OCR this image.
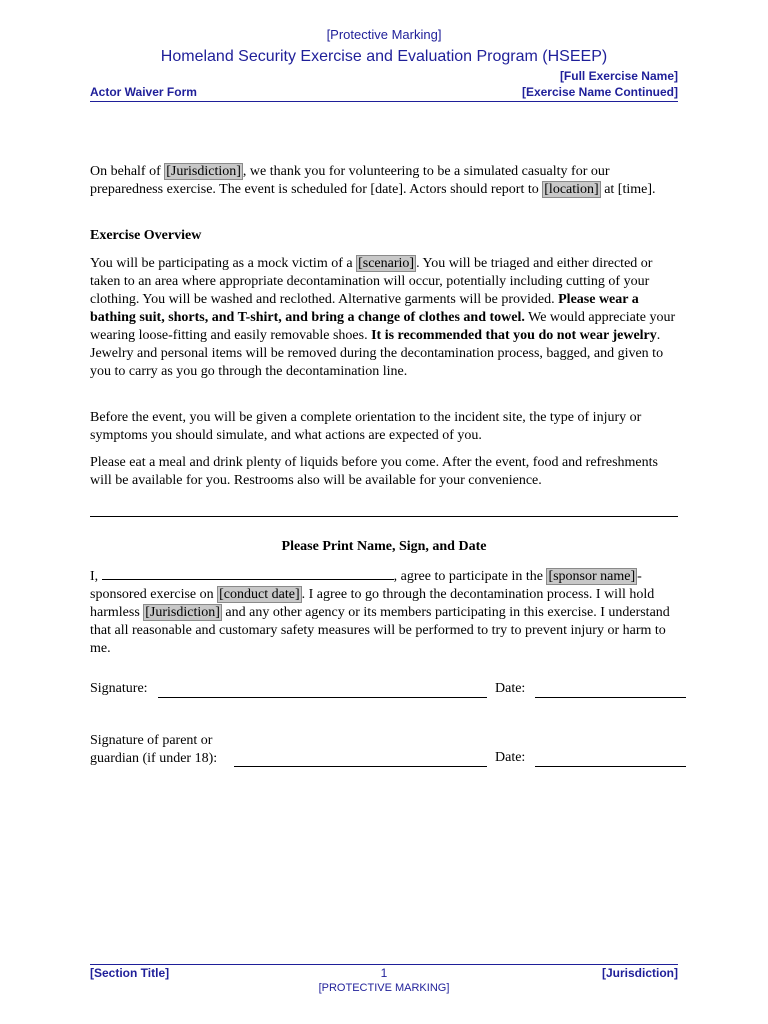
[Protective Marking]
Homeland Security Exercise and Evaluation Program (HSEEP)
[Full Exercise Name]
Actor Waiver Form	[Exercise Name Continued]

On behalf of [Jurisdiction] , we thank you for volunteering to be a simulated casualty for our preparedness exercise. The event is scheduled for [date]. Actors should report to [location] at [time].

Exercise Overview

You will be participating as a mock victim of a [scenario] . You will be triaged and either directed or taken to an area where appropriate decontamination will occur, potentially including cutting of your clothing. You will be washed and reclothed. Alternative garments will be provided. Please wear a bathing suit, shorts, and T-shirt, and bring a change of clothes and towel. We would appreciate your wearing loose-fitting and easily removable shoes. It is recommended that you do not wear jewelry. Jewelry and personal items will be removed during the decontamination process, bagged, and given to you to carry as you go through the decontamination line.

Before the event, you will be given a complete orientation to the incident site, the type of injury or symptoms you should simulate, and what actions are expected of you.

Please eat a meal and drink plenty of liquids before you come. After the event, food and refreshments will be available for you. Restrooms also will be available for your convenience.

Please Print Name, Sign, and Date

I,	, agree to participate in the [sponsor name] -sponsored exercise on [conduct date] . I agree to go through the decontamination process. I will hold harmless [Jurisdiction] and any other agency or its members participating in this exercise. I understand that all reasonable and customary safety measures will be performed to try to prevent injury or harm to me.

Signature:	Date:
Signature of parent or
guardian (if under 18):	Date:
[Section Title]	1	[Jurisdiction]
[PROTECTIVE MARKING]
